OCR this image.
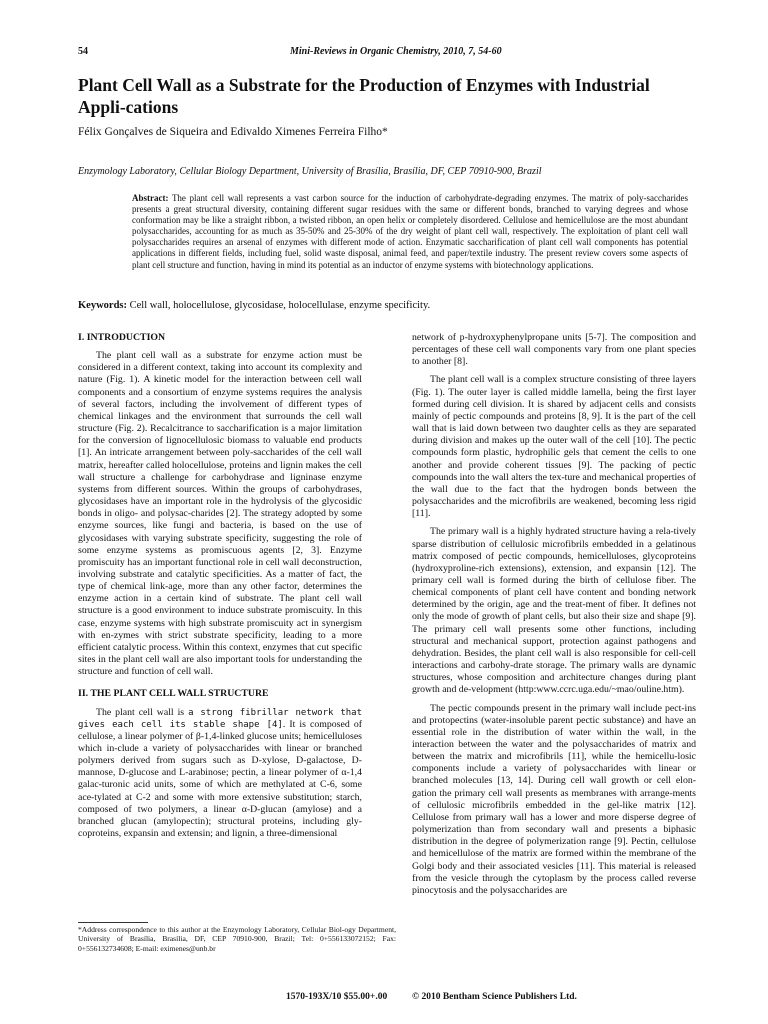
54	Mini-Reviews in Organic Chemistry, 2010, 7, 54-60
Plant Cell Wall as a Substrate for the Production of Enzymes with Industrial Appli-cations
Félix Gonçalves de Siqueira and Edivaldo Ximenes Ferreira Filho*
Enzymology Laboratory, Cellular Biology Department, University of Brasília, Brasília, DF, CEP 70910-900, Brazil
Abstract: The plant cell wall represents a vast carbon source for the induction of carbohydrate-degrading enzymes. The matrix of poly-saccharides presents a great structural diversity, containing different sugar residues with the same or different bonds, branched to varying degrees and whose conformation may be like a straight ribbon, a twisted ribbon, an open helix or completely disordered. Cellulose and hemicellulose are the most abundant polysaccharides, accounting for as much as 35-50% and 25-30% of the dry weight of plant cell wall, respectively. The exploitation of plant cell wall polysaccharides requires an arsenal of enzymes with different mode of action. Enzymatic saccharification of plant cell wall components has potential applications in different fields, including fuel, solid waste disposal, animal feed, and paper/textile industry. The present review covers some aspects of plant cell structure and function, having in mind its potential as an inductor of enzyme systems with biotechnology applications.
Keywords: Cell wall, holocellulose, glycosidase, holocellulase, enzyme specificity.
I. INTRODUCTION

The plant cell wall as a substrate for enzyme action must be considered in a different context, taking into account its complexity and nature (Fig. 1). A kinetic model for the interaction between cell wall components and a consortium of enzyme systems requires the analysis of several factors, including the involvement of different types of chemical linkages and the environment that surrounds the cell wall structure (Fig. 2). Recalcitrance to saccharification is a major limitation for the conversion of lignocellulosic biomass to valuable end products [1]. An intricate arrangement between poly-saccharides of the cell wall matrix, hereafter called holocellulose, proteins and lignin makes the cell wall structure a challenge for carbohydrase and ligninase enzyme systems from different sources. Within the groups of carbohydrases, glycosidases have an important role in the hydrolysis of the glycosidic bonds in oligo- and polysac-charides [2]. The strategy adopted by some enzyme sources, like fungi and bacteria, is based on the use of glycosidases with varying substrate specificity, suggesting the role of some enzyme systems as promiscuous agents [2, 3]. Enzyme promiscuity has an important functional role in cell wall deconstruction, involving substrate and catalytic specificities. As a matter of fact, the type of chemical link-age, more than any other factor, determines the enzyme action in a certain kind of substrate. The plant cell wall structure is a good environment to induce substrate promiscuity. In this case, enzyme systems with high substrate promiscuity act in synergism with en-zymes with strict substrate specificity, leading to a more efficient catalytic process. Within this context, enzymes that cut specific sites in the plant cell wall are also important tools for understanding the structure and function of cell wall.

II. THE PLANT CELL WALL STRUCTURE

The plant cell wall is a strong fibrillar network that gives each cell its stable shape [4]. It is composed of cellulose, a linear polymer of β-1,4-linked glucose units; hemicelluloses which in-clude a variety of polysaccharides with linear or branched polymers derived from sugars such as D-xylose, D-galactose, D-mannose, D-glucose and L-arabinose; pectin, a linear polymer of α-1,4 galac-turonic acid units, some of which are methylated at C-6, some ace-tylated at C-2 and some with more extensive substitution; starch, composed of two polymers, a linear α-D-glucan (amylose) and a branched glucan (amylopectin); structural proteins, including gly-coproteins, expansin and extensin; and lignin, a three-dimensional

network of p-hydroxyphenylpropane units [5-7]. The composition and percentages of these cell wall components vary from one plant species to another [8].

The plant cell wall is a complex structure consisting of three layers (Fig. 1). The outer layer is called middle lamella, being the first layer formed during cell division. It is shared by adjacent cells and consists mainly of pectic compounds and proteins [8, 9]. It is the part of the cell wall that is laid down between two daughter cells as they are separated during division and makes up the outer wall of the cell [10]. The pectic compounds form plastic, hydrophilic gels that cement the cells to one another and provide coherent tissues [9]. The packing of pectic compounds into the wall alters the tex-ture and mechanical properties of the wall due to the fact that the hydrogen bonds between the polysaccharides and the microfibrils are weakened, becoming less rigid [11].

The primary wall is a highly hydrated structure having a rela-tively sparse distribution of cellulosic microfibrils embedded in a gelatinous matrix composed of pectic compounds, hemicelluloses, glycoproteins (hydroxyproline-rich extensions), extension, and expansin [12]. The primary cell wall is formed during the birth of cellulose fiber. The chemical components of plant cell have content and bonding network determined by the origin, age and the treat-ment of fiber. It defines not only the mode of growth of plant cells, but also their size and shape [9]. The primary cell wall presents some other functions, including structural and mechanical support, protection against pathogens and dehydration. Besides, the plant cell wall is also responsible for cell-cell interactions and carbohy-drate storage. The primary walls are dynamic structures, whose composition and architecture changes during plant growth and de-velopment (http:www.ccrc.uga.edu/~mao/ouline.htm).

The pectic compounds present in the primary wall include pect-ins and protopectins (water-insoluble parent pectic substance) and have an essential role in the distribution of water within the wall, in the interaction between the water and the polysaccharides of matrix and between the matrix and microfibrils [11], while the hemicellu-losic components include a variety of polysaccharides with linear or branched molecules [13, 14]. During cell wall growth or cell elon-gation the primary cell wall presents as membranes with arrange-ments of cellulosic microfibrils embedded in the gel-like matrix [12]. Cellulose from primary wall has a lower and more disperse degree of polymerization than from secondary wall and presents a biphasic distribution in the degree of polymerization range [9]. Pectin, cellulose and hemicellulose of the matrix are formed within the membrane of the Golgi body and their associated vesicles [11]. This material is released from the vesicle through the cytoplasm by the process called reverse pinocytosis and the polysaccharides are

*Address correspondence to this author at the Enzymology Laboratory, Cellular Biol-ogy Department, University of Brasília, Brasília, DF, CEP 70910-900, Brazil; Tel: 0+556133072152; Fax: 0+556132734608; E-mail: eximenes@unb.br
1570-193X/10 $55.00+.00	© 2010 Bentham Science Publishers Ltd.
